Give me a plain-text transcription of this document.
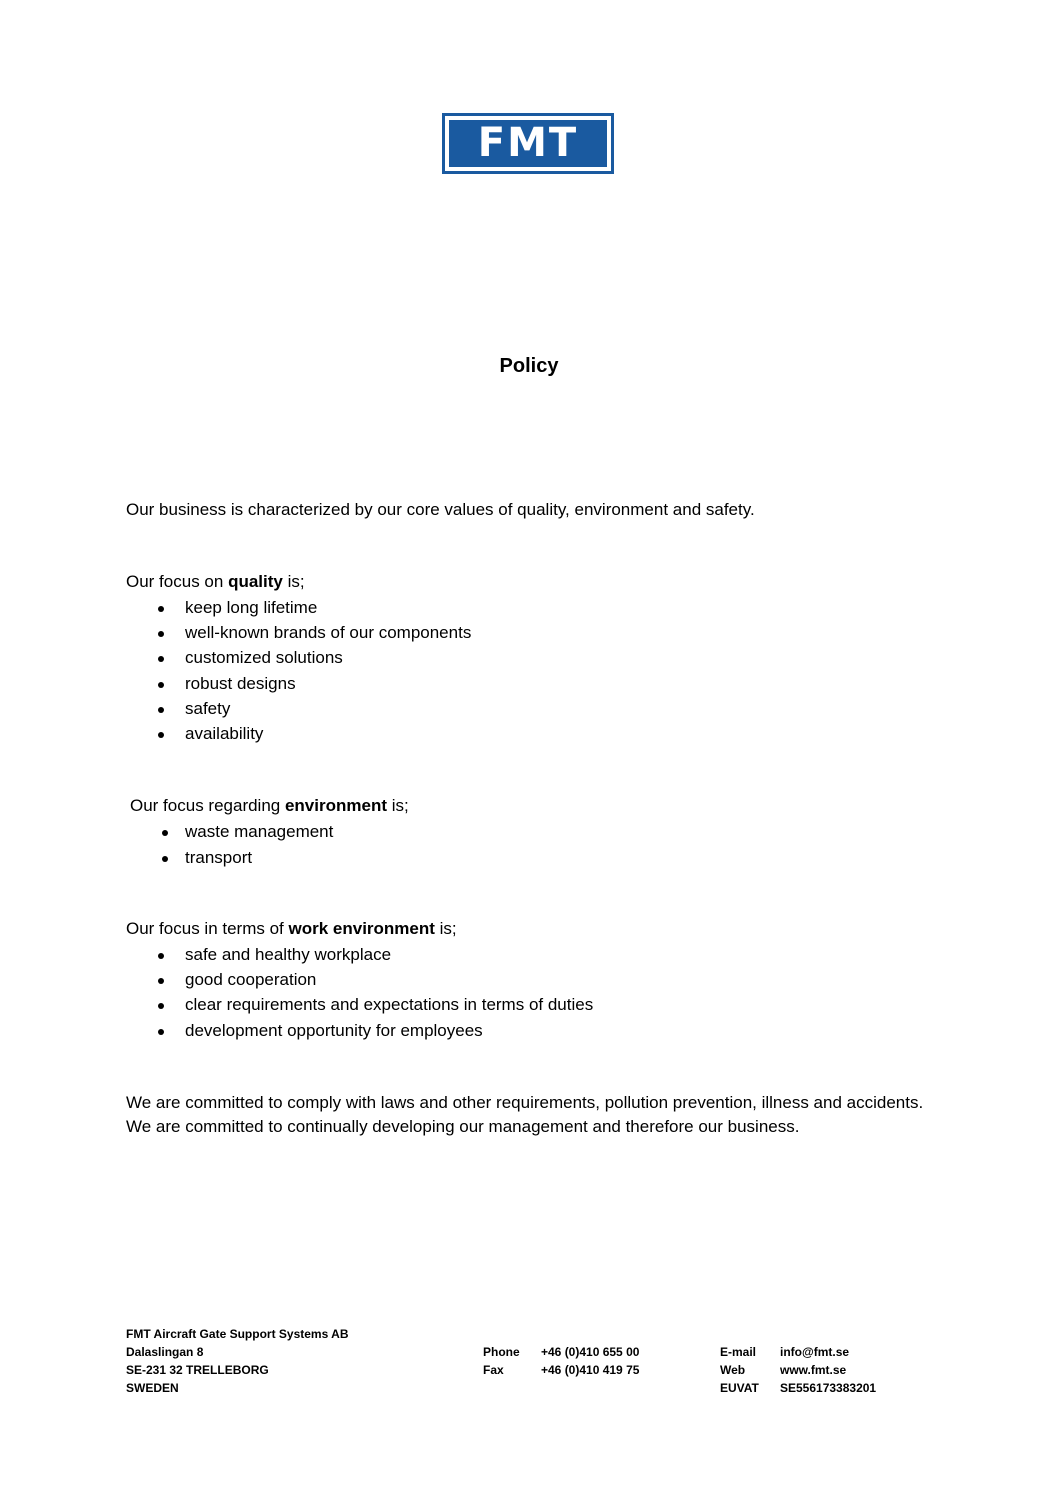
FMT
Policy
Our business is characterized by our core values of quality, environment and safety.
Our focus on quality is;
keep long lifetime
well-known brands of our components
customized solutions
robust designs
safety
availability
Our focus regarding environment is;
waste management
transport
Our focus in terms of work environment is;
safe and healthy workplace
good cooperation
clear requirements and expectations in terms of duties
development opportunity for employees
We are committed to comply with laws and other requirements, pollution prevention, illness and accidents. We are committed to continually developing our management and therefore our business.
FMT Aircraft Gate Support Systems AB
Dalaslingan 8
SE-231 32 TRELLEBORG
SWEDEN
Phone
Fax
+46 (0)410 655 00
+46 (0)410 419 75
E-mail
Web
EUVAT
info@fmt.se
www.fmt.se
SE556173383201
